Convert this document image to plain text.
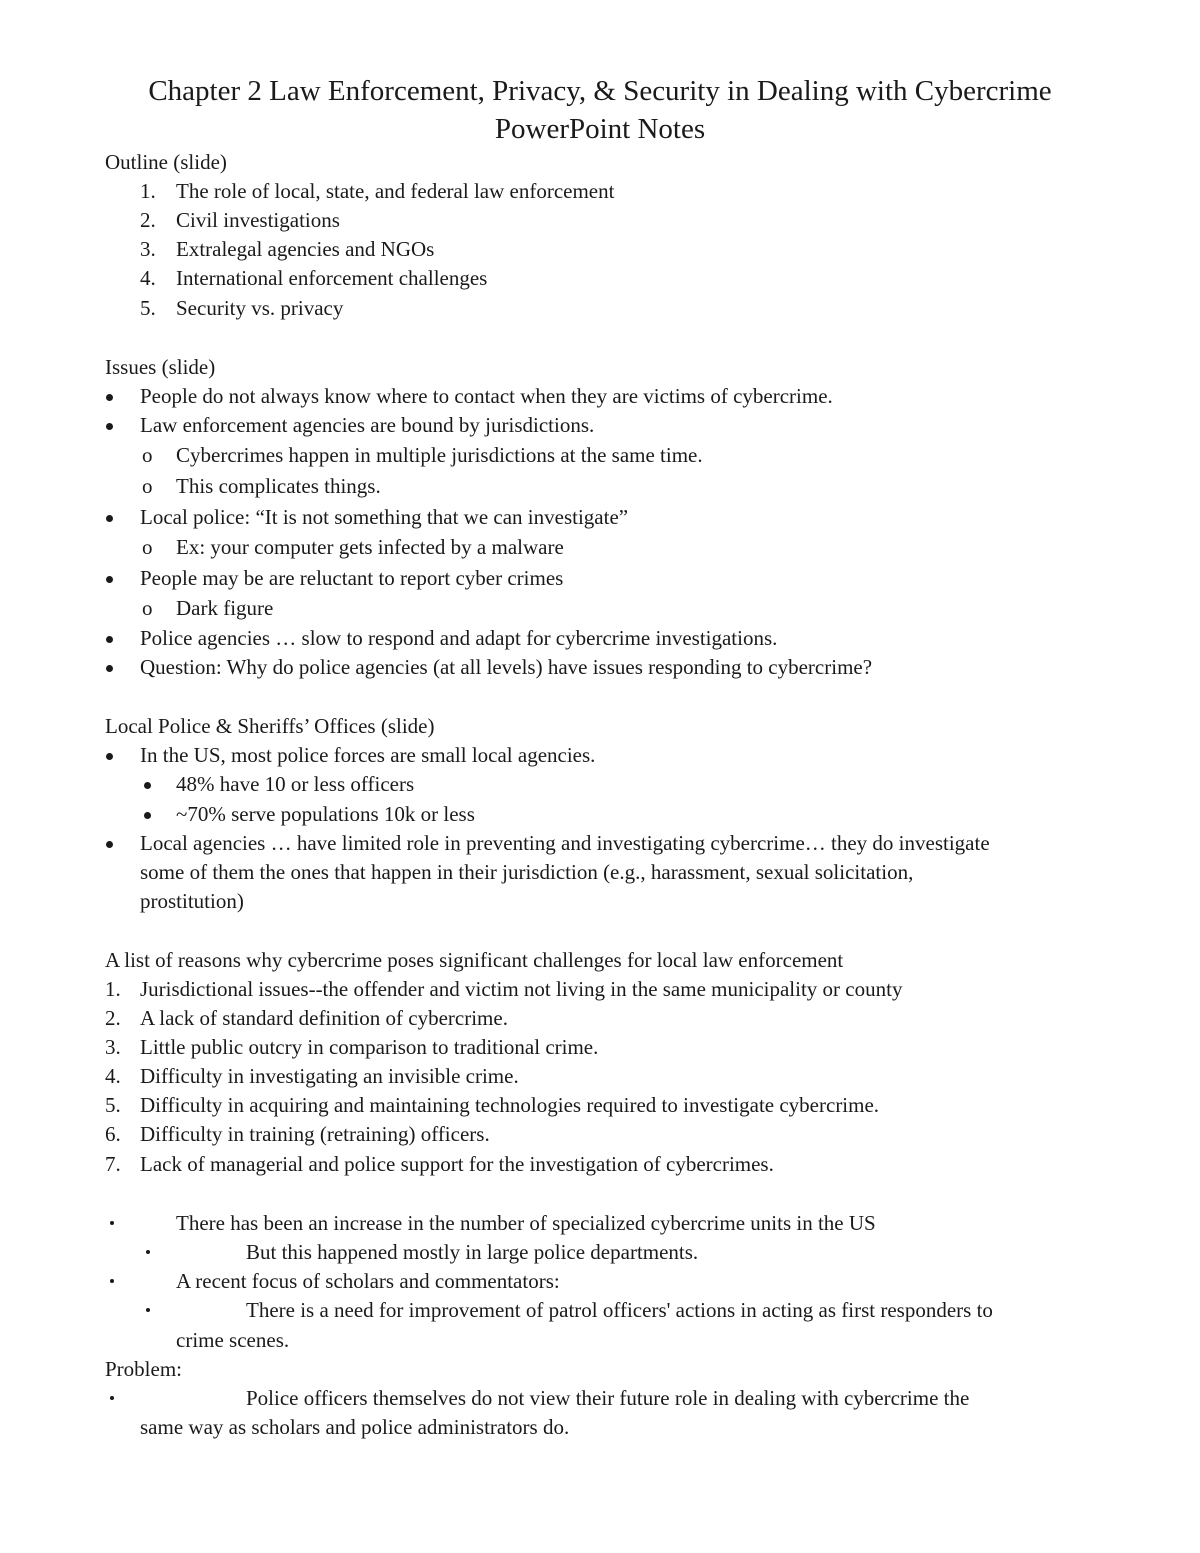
Chapter 2 Law Enforcement, Privacy, & Security in Dealing with Cybercrime
PowerPoint Notes
Outline (slide)
1. The role of local, state, and federal law enforcement
2. Civil investigations
3. Extralegal agencies and NGOs
4. International enforcement challenges
5. Security vs. privacy
Issues (slide)
People do not always know where to contact when they are victims of cybercrime.
Law enforcement agencies are bound by jurisdictions.
o Cybercrimes happen in multiple jurisdictions at the same time.
o This complicates things.
Local police: “It is not something that we can investigate”
o Ex: your computer gets infected by a malware
People may be are reluctant to report cyber crimes
o Dark figure
Police agencies … slow to respond and adapt for cybercrime investigations.
Question: Why do police agencies (at all levels) have issues responding to cybercrime?
Local Police & Sheriffs’ Offices (slide)
In the US, most police forces are small local agencies.
48% have 10 or less officers
~70% serve populations 10k or less
Local agencies … have limited role in preventing and investigating cybercrime… they do investigate
some of them the ones that happen in their jurisdiction (e.g., harassment, sexual solicitation,
prostitution)
A list of reasons why cybercrime poses significant challenges for local law enforcement
1. Jurisdictional issues--the offender and victim not living in the same municipality or county
2. A lack of standard definition of cybercrime.
3. Little public outcry in comparison to traditional crime.
4. Difficulty in investigating an invisible crime.
5. Difficulty in acquiring and maintaining technologies required to investigate cybercrime.
6. Difficulty in training (retraining) officers.
7. Lack of managerial and police support for the investigation of cybercrimes.
There has been an increase in the number of specialized cybercrime units in the US
But this happened mostly in large police departments.
A recent focus of scholars and commentators:
There is a need for improvement of patrol officers' actions in acting as first responders to
crime scenes.
Problem:
Police officers themselves do not view their future role in dealing with cybercrime the
same way as scholars and police administrators do.
